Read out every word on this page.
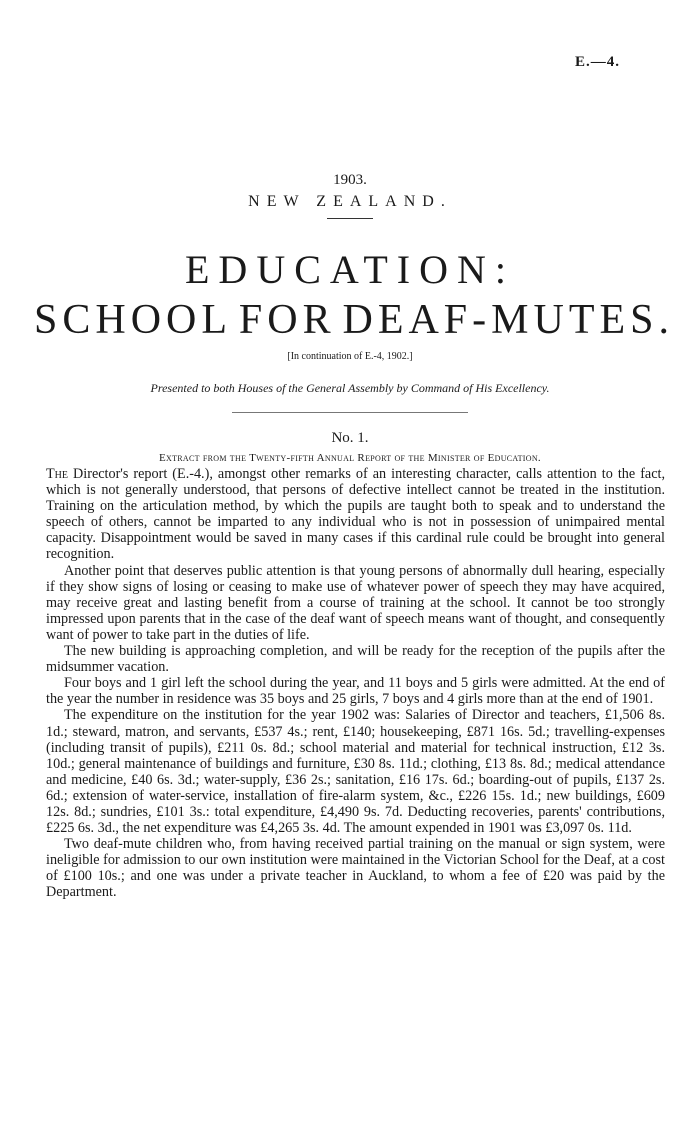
E.—4.
1903.
NEW ZEALAND.
EDUCATION:
SCHOOL FOR DEAF-MUTES.
[In continuation of E.-4, 1902.]
Presented to both Houses of the General Assembly by Command of His Excellency.
No. 1.
Extract from the Twenty-fifth Annual Report of the Minister of Education.

The Director's report (E.-4.), amongst other remarks of an interesting character, calls attention to the fact, which is not generally understood, that persons of defective intellect cannot be treated in the institution. Training on the articulation method, by which the pupils are taught both to speak and to understand the speech of others, cannot be imparted to any individual who is not in possession of unimpaired mental capacity. Disappointment would be saved in many cases if this cardinal rule could be brought into general recognition.

Another point that deserves public attention is that young persons of abnormally dull hearing, especially if they show signs of losing or ceasing to make use of whatever power of speech they may have acquired, may receive great and lasting benefit from a course of training at the school. It cannot be too strongly impressed upon parents that in the case of the deaf want of speech means want of thought, and consequently want of power to take part in the duties of life.

The new building is approaching completion, and will be ready for the reception of the pupils after the midsummer vacation.

Four boys and 1 girl left the school during the year, and 11 boys and 5 girls were admitted. At the end of the year the number in residence was 35 boys and 25 girls, 7 boys and 4 girls more than at the end of 1901.

The expenditure on the institution for the year 1902 was: Salaries of Director and teachers, £1,506 8s. 1d.; steward, matron, and servants, £537 4s.; rent, £140; housekeeping, £871 16s. 5d.; travelling-expenses (including transit of pupils), £211 0s. 8d.; school material and material for technical instruction, £12 3s. 10d.; general maintenance of buildings and furniture, £30 8s. 11d.; clothing, £13 8s. 8d.; medical attendance and medicine, £40 6s. 3d.; water-supply, £36 2s.; sanitation, £16 17s. 6d.; boarding-out of pupils, £137 2s. 6d.; extension of water-service, installation of fire-alarm system, &c., £226 15s. 1d.; new buildings, £609 12s. 8d.; sundries, £101 3s.: total expenditure, £4,490 9s. 7d. Deducting recoveries, parents' contributions, £225 6s. 3d., the net expenditure was £4,265 3s. 4d. The amount expended in 1901 was £3,097 0s. 11d.

Two deaf-mute children who, from having received partial training on the manual or sign system, were ineligible for admission to our own institution were maintained in the Victorian School for the Deaf, at a cost of £100 10s.; and one was under a private teacher in Auckland, to whom a fee of £20 was paid by the Department.
